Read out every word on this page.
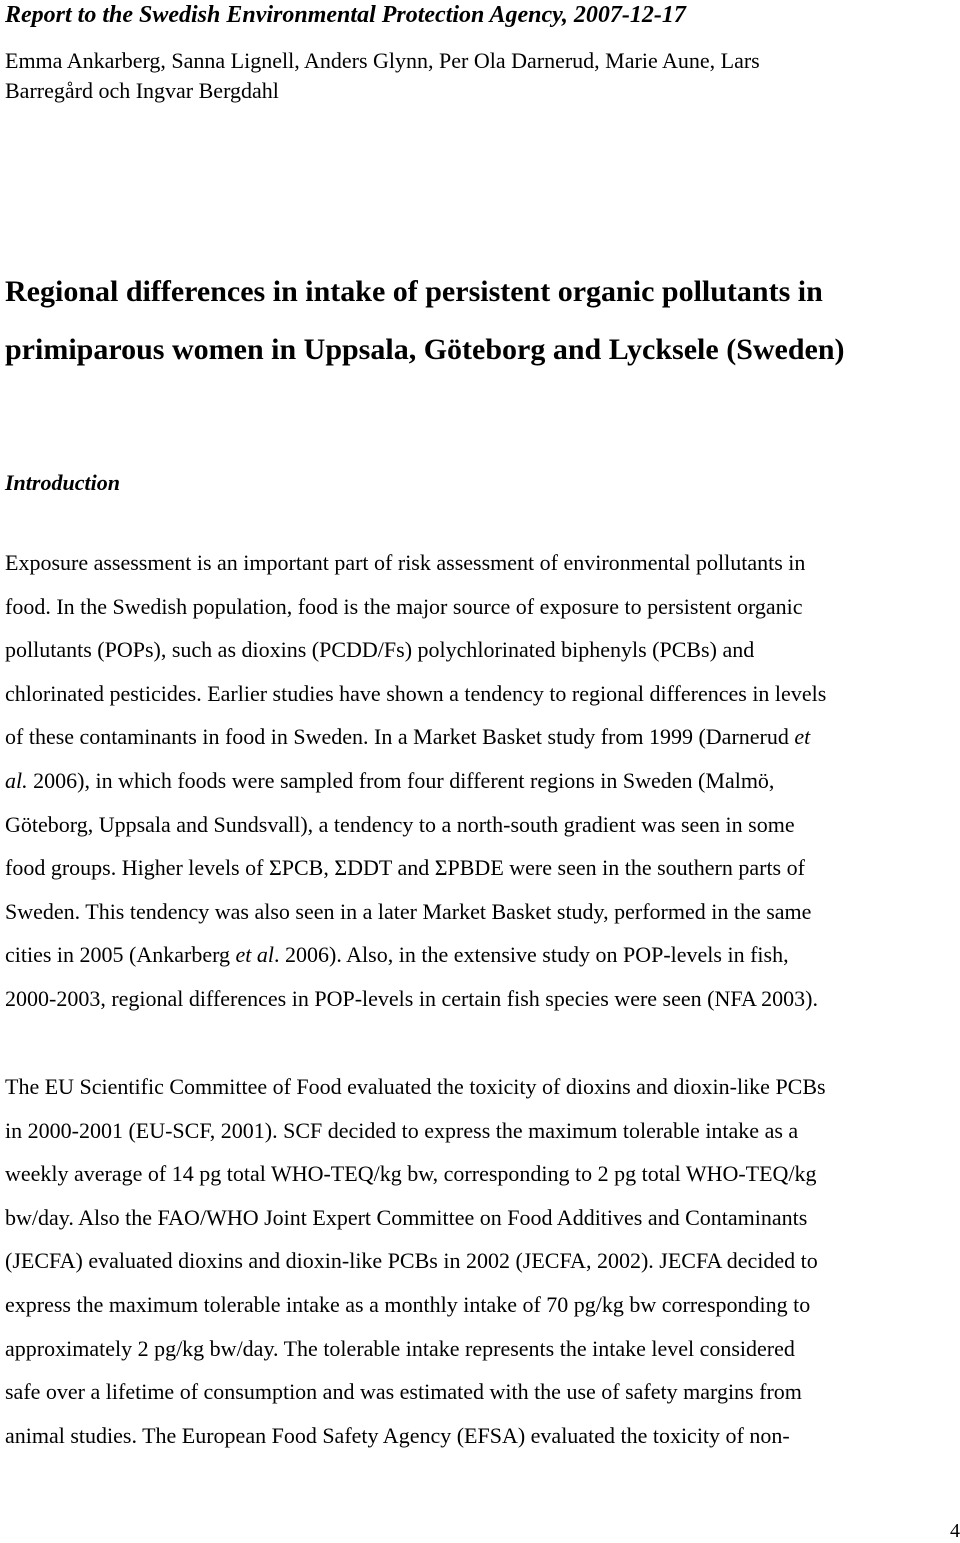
Report to the Swedish Environmental Protection Agency, 2007-12-17
Emma Ankarberg, Sanna Lignell, Anders Glynn, Per Ola Darnerud, Marie Aune, Lars
Barregård och Ingvar Bergdahl
Regional differences in intake of persistent organic pollutants in
primiparous women in Uppsala, Göteborg and Lycksele (Sweden)
Introduction
Exposure assessment is an important part of risk assessment of environmental pollutants in
food. In the Swedish population, food is the major source of exposure to persistent organic
pollutants (POPs), such as dioxins (PCDD/Fs) polychlorinated biphenyls (PCBs) and
chlorinated pesticides. Earlier studies have shown a tendency to regional differences in levels
of these contaminants in food in Sweden. In a Market Basket study from 1999 (Darnerud et
al. 2006), in which foods were sampled from four different regions in Sweden (Malmö,
Göteborg, Uppsala and Sundsvall), a tendency to a north-south gradient was seen in some
food groups. Higher levels of ΣPCB, ΣDDT and ΣPBDE were seen in the southern parts of
Sweden. This tendency was also seen in a later Market Basket study, performed in the same
cities in 2005 (Ankarberg et al. 2006). Also, in the extensive study on POP-levels in fish,
2000-2003, regional differences in POP-levels in certain fish species were seen (NFA 2003).
The EU Scientific Committee of Food evaluated the toxicity of dioxins and dioxin-like PCBs
in 2000-2001 (EU-SCF, 2001). SCF decided to express the maximum tolerable intake as a
weekly average of 14 pg total WHO-TEQ/kg bw, corresponding to 2 pg total WHO-TEQ/kg
bw/day. Also the FAO/WHO Joint Expert Committee on Food Additives and Contaminants
(JECFA) evaluated dioxins and dioxin-like PCBs in 2002 (JECFA, 2002). JECFA decided to
express the maximum tolerable intake as a monthly intake of 70 pg/kg bw corresponding to
approximately 2 pg/kg bw/day. The tolerable intake represents the intake level considered
safe over a lifetime of consumption and was estimated with the use of safety margins from
animal studies. The European Food Safety Agency (EFSA) evaluated the toxicity of non-
4
